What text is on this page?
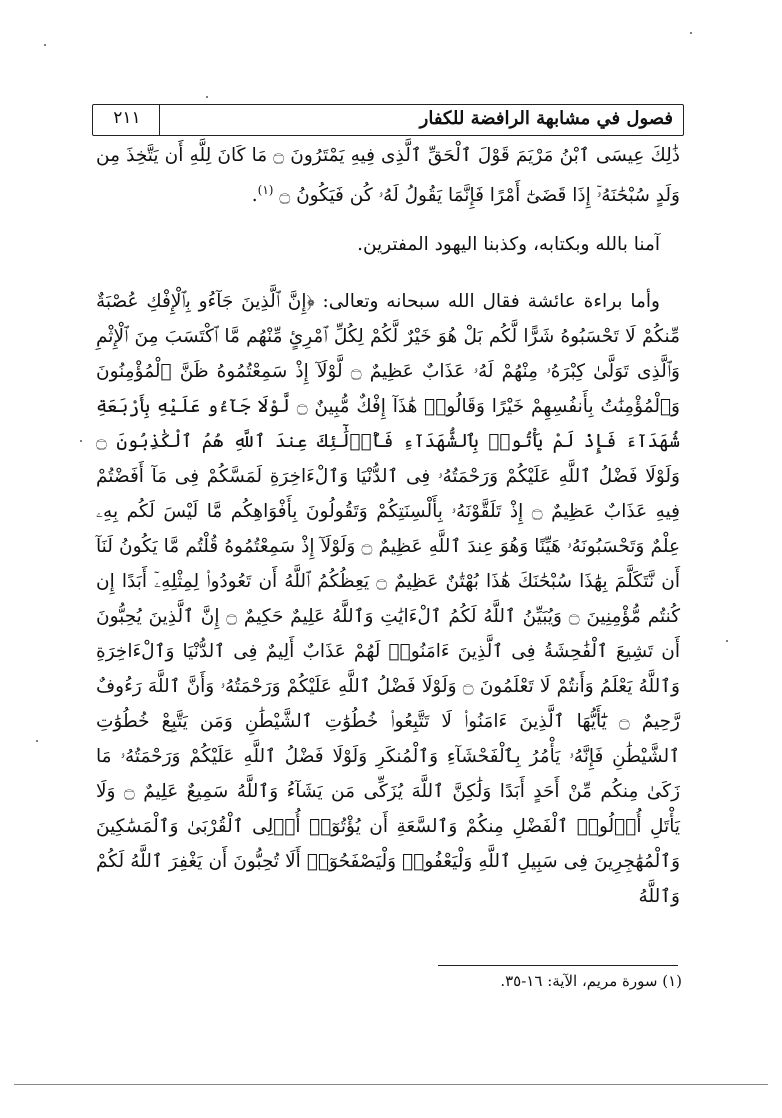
فصول في مشابهة الرافضة للكفار
٢١١

ذَٰلِكَ عِيسَى ٱبْنُ مَرْيَمَ قَوْلَ ٱلْحَقِّ ٱلَّذِى فِيهِ يَمْتَرُونَ ۝ مَا كَانَ لِلَّهِ أَن يَتَّخِذَ مِن وَلَدٍ سُبْحَٰنَهُۥٓ إِذَا قَضَىٰٓ أَمْرًا فَإِنَّمَا يَقُولُ لَهُۥ كُن فَيَكُونُ ۝ $^{(١)}$.

آمنا بالله وبكتابه، وكذبنا اليهود المفترين.

وأما براءة عائشة فقال الله سبحانه وتعالى: ﴿إِنَّ ٱلَّذِينَ جَآءُو بِٱلْإِفْكِ عُصْبَةٌ مِّنكُمْ لَا تَحْسَبُوهُ شَرًّا لَّكُم بَلْ هُوَ خَيْرٌ لَّكُمْ لِكُلِّ ٱمْرِئٍ مِّنْهُم مَّا ٱكْتَسَبَ مِنَ ٱلْإِثْمِ وَٱلَّذِى تَوَلَّىٰ كِبْرَهُۥ مِنْهُمْ لَهُۥ عَذَابٌ عَظِيمٌ ۝ لَّوْلَآ إِذْ سَمِعْتُمُوهُ ظَنَّ ٱلْمُؤْمِنُونَ وَٱلْمُؤْمِنَٰتُ بِأَنفُسِهِمْ خَيْرًا وَقَالُوا۟ هَٰذَآ إِفْكٌ مُّبِينٌ ۝ لَّوْلَا جَآءُو عَلَيْهِ بِأَرْبَعَةِ شُهَدَآءَ فَإِذْ لَمْ يَأْتُوا۟ بِٱلشُّهَدَآءِ فَأُو۟لَٰٓئِكَ عِندَ ٱللَّهِ هُمُ ٱلْكَٰذِبُونَ ۝ وَلَوْلَا فَضْلُ ٱللَّهِ عَلَيْكُمْ وَرَحْمَتُهُۥ فِى ٱلدُّنْيَا وَٱلْءَاخِرَةِ لَمَسَّكُمْ فِى مَآ أَفَضْتُمْ فِيهِ عَذَابٌ عَظِيمٌ ۝ إِذْ تَلَقَّوْنَهُۥ بِأَلْسِنَتِكُمْ وَتَقُولُونَ بِأَفْوَاهِكُم مَّا لَيْسَ لَكُم بِهِۦ عِلْمٌ وَتَحْسَبُونَهُۥ هَيِّنًا وَهُوَ عِندَ ٱللَّهِ عَظِيمٌ ۝ وَلَوْلَآ إِذْ سَمِعْتُمُوهُ قُلْتُم مَّا يَكُونُ لَنَآ أَن نَّتَكَلَّمَ بِهَٰذَا سُبْحَٰنَكَ هَٰذَا بُهْتَٰنٌ عَظِيمٌ ۝ يَعِظُكُمُ ٱللَّهُ أَن تَعُودُوا۟ لِمِثْلِهِۦٓ أَبَدًا إِن كُنتُم مُّؤْمِنِينَ ۝ وَيُبَيِّنُ ٱللَّهُ لَكُمُ ٱلْءَايَٰتِ وَٱللَّهُ عَلِيمٌ حَكِيمٌ ۝ إِنَّ ٱلَّذِينَ يُحِبُّونَ أَن تَشِيعَ ٱلْفَٰحِشَةُ فِى ٱلَّذِينَ ءَامَنُوا۟ لَهُمْ عَذَابٌ أَلِيمٌ فِى ٱلدُّنْيَا وَٱلْءَاخِرَةِ وَٱللَّهُ يَعْلَمُ وَأَنتُمْ لَا تَعْلَمُونَ ۝ وَلَوْلَا فَضْلُ ٱللَّهِ عَلَيْكُمْ وَرَحْمَتُهُۥ وَأَنَّ ٱللَّهَ رَءُوفٌ رَّحِيمٌ ۝ يَٰٓأَيُّهَا ٱلَّذِينَ ءَامَنُوا۟ لَا تَتَّبِعُوا۟ خُطُوَٰتِ ٱلشَّيْطَٰنِ وَمَن يَتَّبِعْ خُطُوَٰتِ ٱلشَّيْطَٰنِ فَإِنَّهُۥ يَأْمُرُ بِٱلْفَحْشَآءِ وَٱلْمُنكَرِ وَلَوْلَا فَضْلُ ٱللَّهِ عَلَيْكُمْ وَرَحْمَتُهُۥ مَا زَكَىٰ مِنكُم مِّنْ أَحَدٍ أَبَدًا وَلَٰكِنَّ ٱللَّهَ يُزَكِّى مَن يَشَآءُ وَٱللَّهُ سَمِيعٌ عَلِيمٌ ۝ وَلَا يَأْتَلِ أُو۟لُوا۟ ٱلْفَضْلِ مِنكُمْ وَٱلسَّعَةِ أَن يُؤْتُوٓا۟ أُو۟لِى ٱلْقُرْبَىٰ وَٱلْمَسَٰكِينَ وَٱلْمُهَٰجِرِينَ فِى سَبِيلِ ٱللَّهِ وَلْيَعْفُوا۟ وَلْيَصْفَحُوٓا۟ أَلَا تُحِبُّونَ أَن يَغْفِرَ ٱللَّهُ لَكُمْ وَٱللَّهُ

(١) سورة مريم، الآية: ١٦-٣٥.
